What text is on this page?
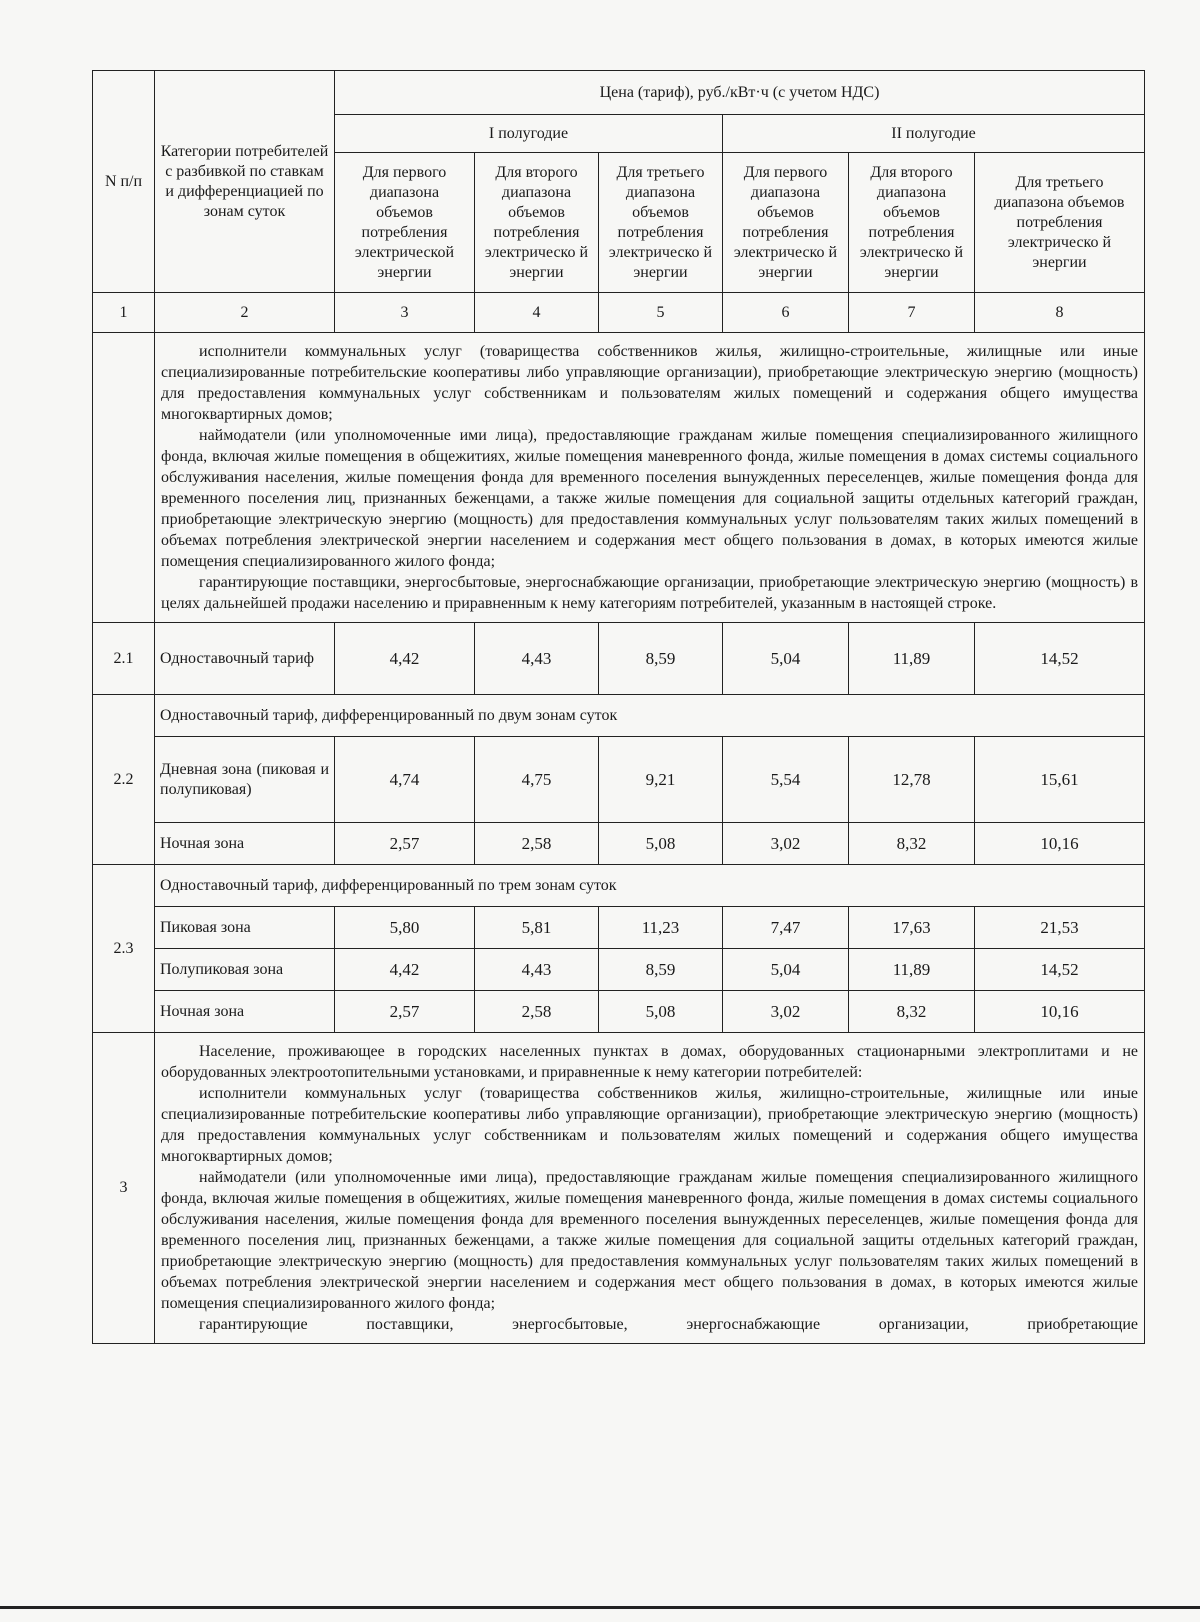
N п/п	Категории потребителей с разбивкой по ставкам и дифференциацией по зонам суток	Цена (тариф), руб./кВт·ч (с учетом НДС)					
		I полугодие			II полугодие		
		Для первого диапазона объемов потребления электрической энергии	Для второго диапазона объемов потребления электрическо й энергии	Для третьего диапазона объемов потребления электрическо й энергии	Для первого диапазона объемов потребления электрическо й энергии	Для второго диапазона объемов потребления электрическо й энергии	Для третьего диапазона объемов потребления электрическо й энергии
1	2	3	4	5	6	7	8

	исполнители коммунальных услуг (товарищества собственников жилья, жилищно-строительные, жилищные или иные специализированные потребительские кооперативы либо управляющие организации), приобретающие электрическую энергию (мощность) для предоставления коммунальных услуг собственникам и пользователям жилых помещений и содержания общего имущества многоквартирных домов;

наймодатели (или уполномоченные ими лица), предоставляющие гражданам жилые помещения специализированного жилищного фонда, включая жилые помещения в общежитиях, жилые помещения маневренного фонда, жилые помещения в домах системы социального обслуживания населения, жилые помещения фонда для временного поселения вынужденных переселенцев, жилые помещения фонда для временного поселения лиц, признанных беженцами, а также жилые помещения для социальной защиты отдельных категорий граждан, приобретающие электрическую энергию (мощность) для предоставления коммунальных услуг пользователям таких жилых помещений в объемах потребления электрической энергии населением и содержания мест общего пользования в домах, в которых имеются жилые помещения специализированного жилого фонда;

гарантирующие поставщики, энергосбытовые, энергоснабжающие организации, приобретающие электрическую энергию (мощность) в целях дальнейшей продажи населению и приравненным к нему категориям потребителей, указанным в настоящей строке.						

2.1	Одноставочный тариф	4,42	4,43	8,59	5,04	11,89	14,52
2.2	Одноставочный тариф, дифференцированный по двум зонам суток						
	Дневная зона (пиковая и полупиковая)	4,74	4,75	9,21	5,54	12,78	15,61
	Ночная зона	2,57	2,58	5,08	3,02	8,32	10,16
2.3	Одноставочный тариф, дифференцированный по трем зонам суток						
	Пиковая зона	5,80	5,81	11,23	7,47	17,63	21,53
	Полупиковая зона	4,42	4,43	8,59	5,04	11,89	14,52
	Ночная зона	2,57	2,58	5,08	3,02	8,32	10,16
3	Население, проживающее в городских населенных пунктах в домах, оборудованных стационарными электроплитами и не оборудованных электроотопительными установками, и приравненные к нему категории потребителей:

исполнители коммунальных услуг (товарищества собственников жилья, жилищно-строительные, жилищные или иные специализированные потребительские кооперативы либо управляющие организации), приобретающие электрическую энергию (мощность) для предоставления коммунальных услуг собственникам и пользователям жилых помещений и содержания общего имущества многоквартирных домов;

наймодатели (или уполномоченные ими лица), предоставляющие гражданам жилые помещения специализированного жилищного фонда, включая жилые помещения в общежитиях, жилые помещения маневренного фонда, жилые помещения в домах системы социального обслуживания населения, жилые помещения фонда для временного поселения вынужденных переселенцев, жилые помещения фонда для временного поселения лиц, признанных беженцами, а также жилые помещения для социальной защиты отдельных категорий граждан, приобретающие электрическую энергию (мощность) для предоставления коммунальных услуг пользователям таких жилых помещений в объемах потребления электрической энергии населением и содержания мест общего пользования в домах, в которых имеются жилые помещения специализированного жилого фонда;

гарантирующие поставщики, энергосбытовые, энергоснабжающие организации, приобретающие						
